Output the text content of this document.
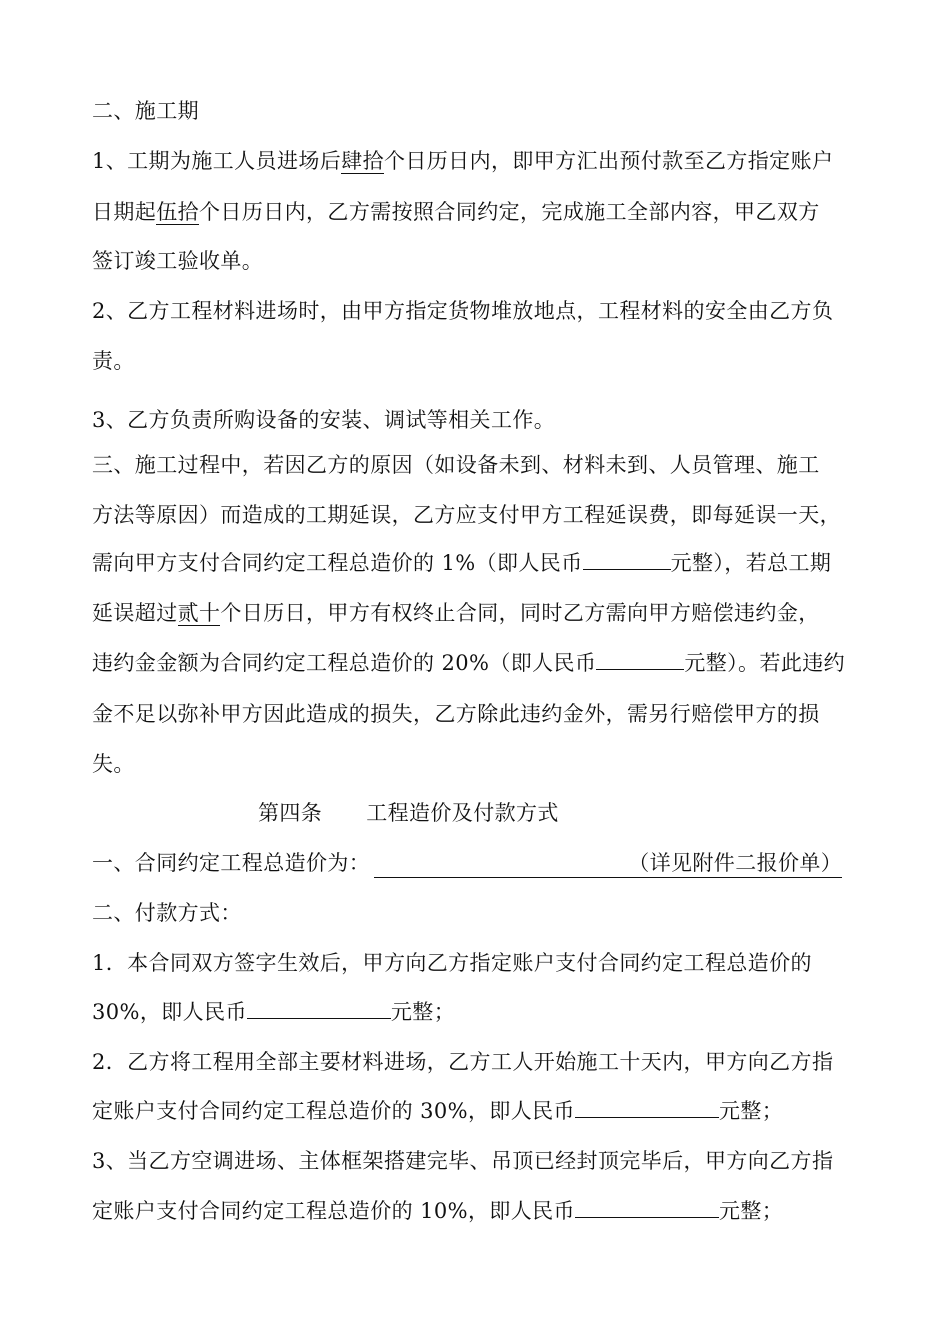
二、施工期
1、工期为施工人员进场后肆拾个日历日内，即甲方汇出预付款至乙方指定账户
日期起伍拾个日历日内，乙方需按照合同约定，完成施工全部内容，甲乙双方
签订竣工验收单。
2、乙方工程材料进场时，由甲方指定货物堆放地点，工程材料的安全由乙方负
责。
3、乙方负责所购设备的安装、调试等相关工作。
三、施工过程中，若因乙方的原因（如设备未到、材料未到、人员管理、施工
方法等原因）而造成的工期延误，乙方应支付甲方工程延误费，即每延误一天，
需向甲方支付合同约定工程总造价的 1%（即人民币	元整），若总工期
延误超过贰十个日历日，甲方有权终止合同，同时乙方需向甲方赔偿违约金，
违约金金额为合同约定工程总造价的 20%（即人民币	元整）。若此违约
金不足以弥补甲方因此造成的损失，乙方除此违约金外，需另行赔偿甲方的损
失。
第四条 工程造价及付款方式
一、合同约定工程总造价为：	（详见附件二报价单）
二、付款方式：
1．本合同双方签字生效后，甲方向乙方指定账户支付合同约定工程总造价的
30%，即人民币	元整；
2．乙方将工程用全部主要材料进场，乙方工人开始施工十天内，甲方向乙方指
定账户支付合同约定工程总造价的 30%，即人民币	元整；
3、当乙方空调进场、主体框架搭建完毕、吊顶已经封顶完毕后，甲方向乙方指
定账户支付合同约定工程总造价的 10%，即人民币	元整；
